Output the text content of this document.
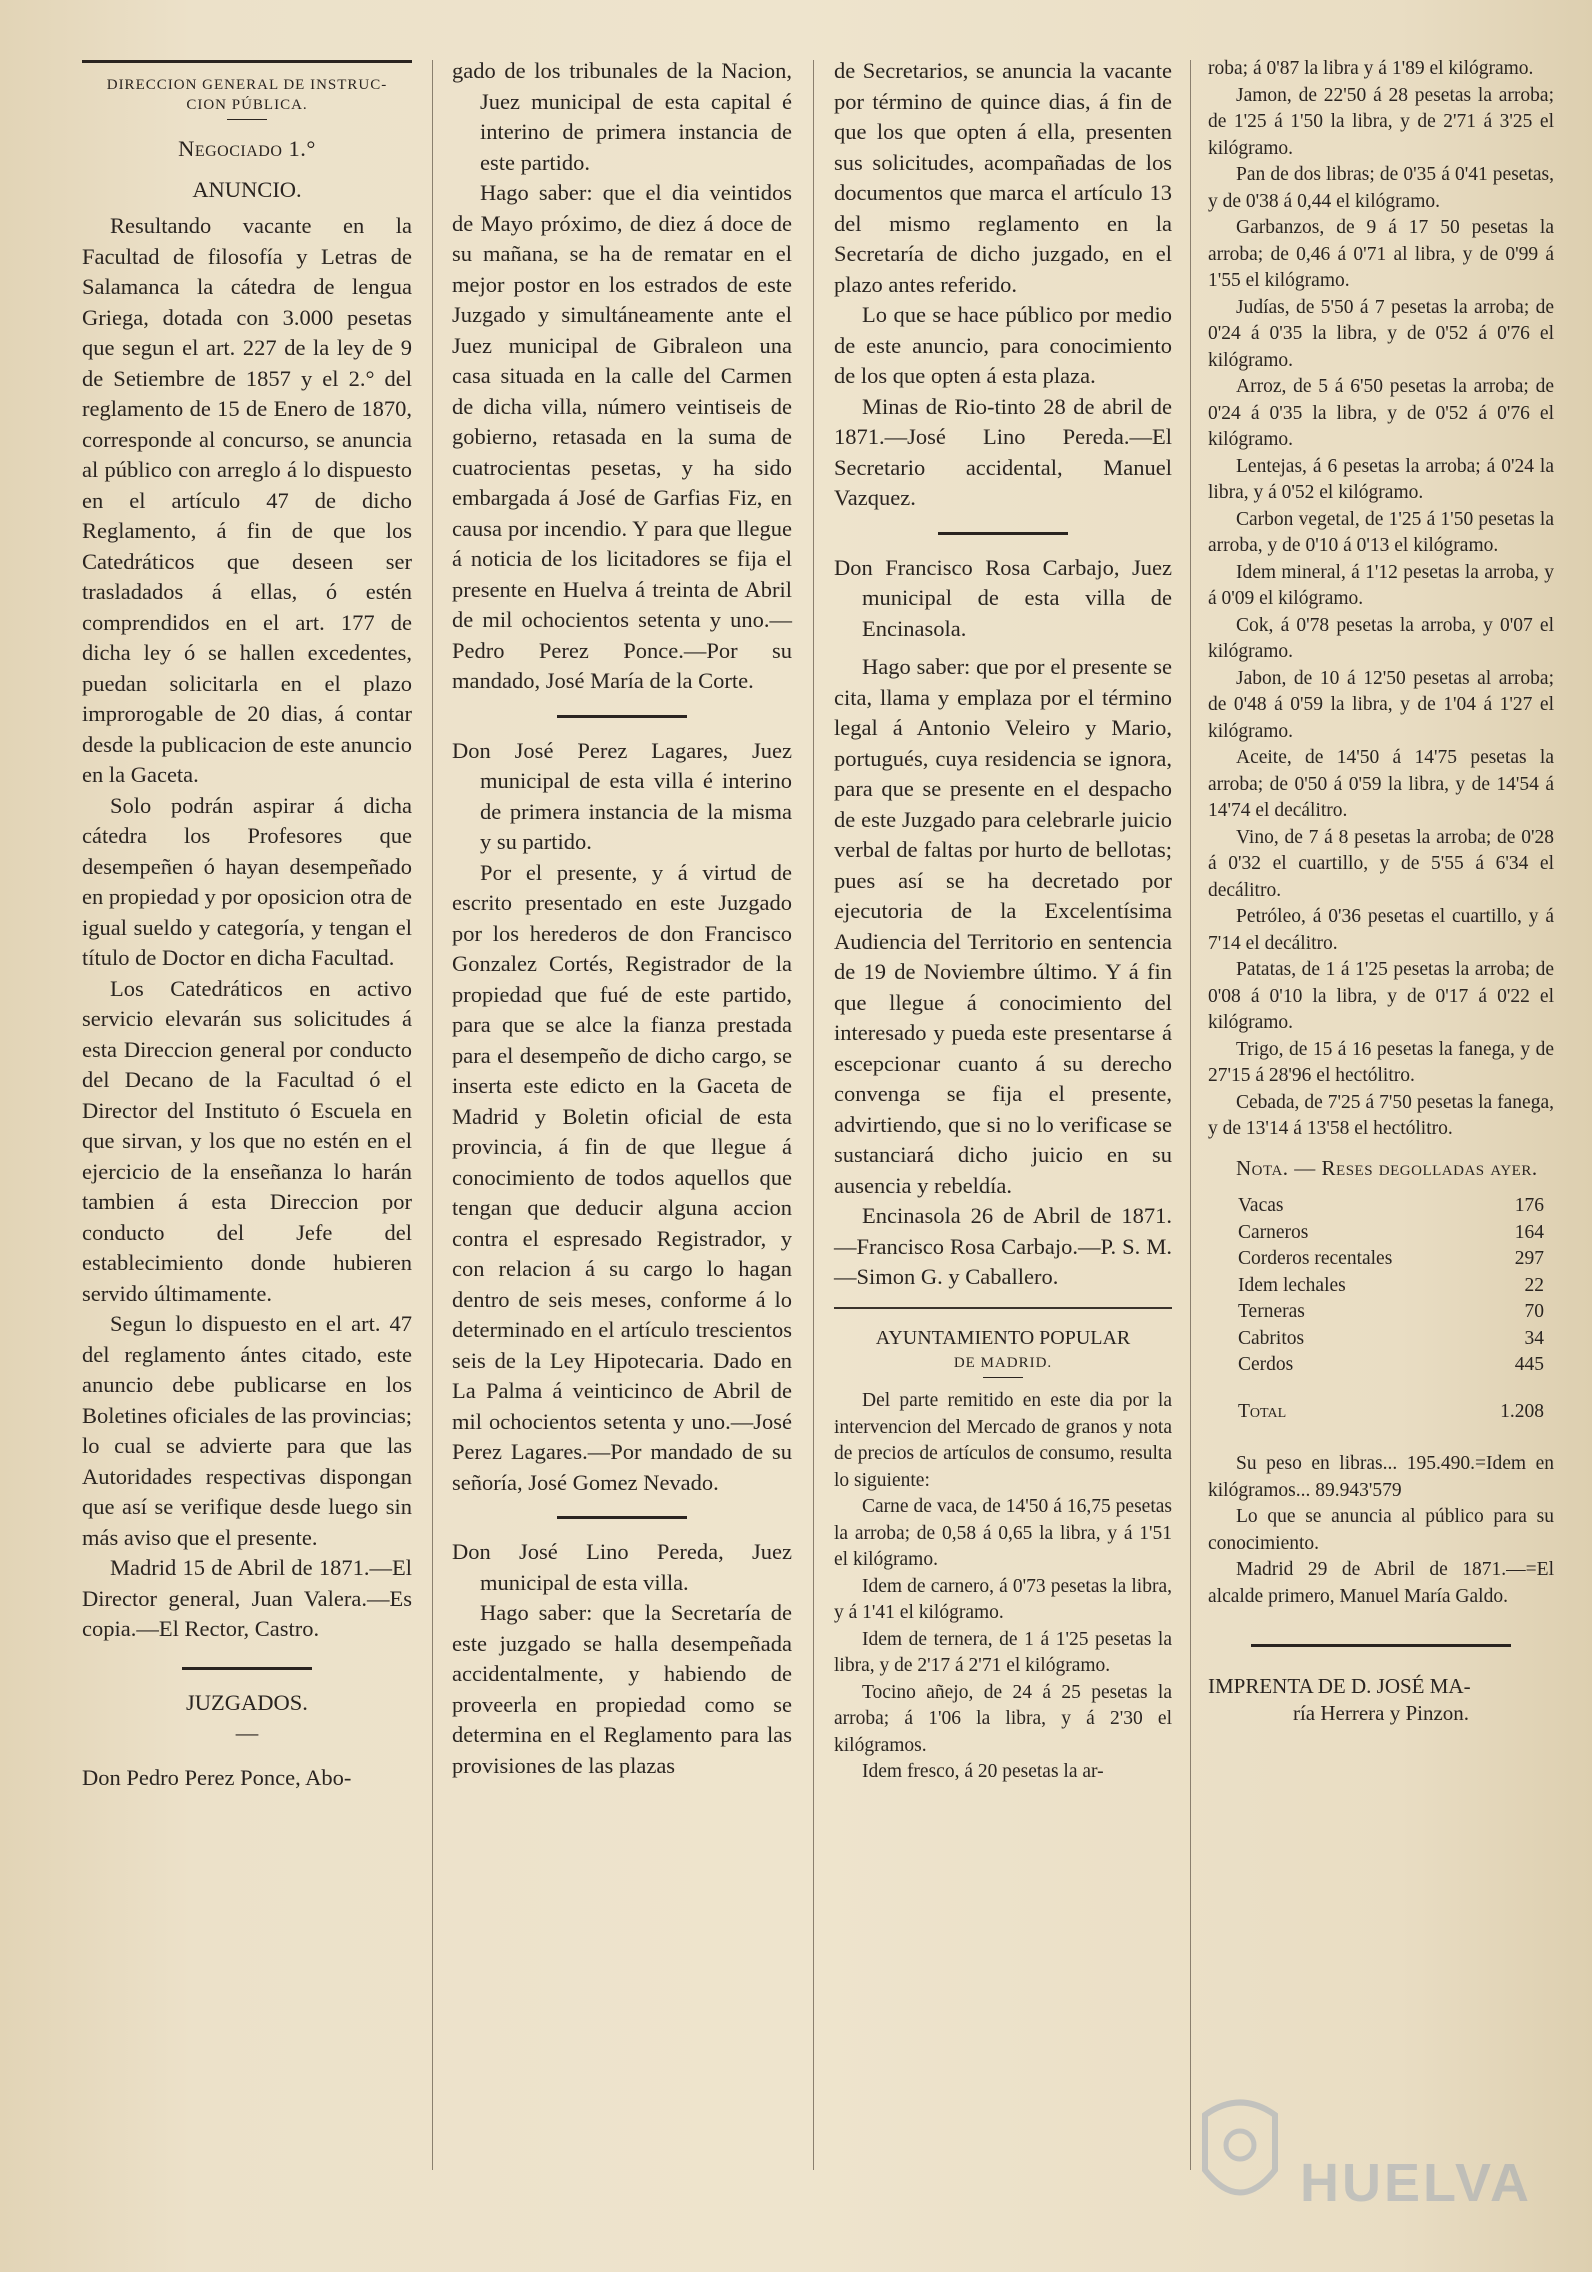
DIRECCION GENERAL DE INSTRUC-

CION PÚBLICA.

Negociado 1.°

ANUNCIO.

Resultando vacante en la Facultad de filosofía y Letras de Salamanca la cátedra de lengua Griega, dotada con 3.000 pesetas que segun el art. 227 de la ley de 9 de Setiembre de 1857 y el 2.° del reglamento de 15 de Enero de 1870, corresponde al concurso, se anuncia al público con arreglo á lo dispuesto en el artículo 47 de dicho Reglamento, á fin de que los Catedráticos que deseen ser trasladados á ellas, ó estén comprendidos en el art. 177 de dicha ley ó se hallen excedentes, puedan solicitarla en el plazo improrogable de 20 dias, á contar desde la publicacion de este anuncio en la Gaceta.

Solo podrán aspirar á dicha cátedra los Profesores que desempeñen ó hayan desempeñado en propiedad y por oposicion otra de igual sueldo y categoría, y tengan el título de Doctor en dicha Facultad.

Los Catedráticos en activo servicio elevarán sus solicitudes á esta Direccion general por conducto del Decano de la Facultad ó el Director del Instituto ó Escuela en que sirvan, y los que no estén en el ejercicio de la enseñanza lo harán tambien á esta Direccion por conducto del Jefe del establecimiento donde hubieren servido últimamente.

Segun lo dispuesto en el art. 47 del reglamento ántes citado, este anuncio debe publicarse en los Boletines oficiales de las provincias; lo cual se advierte para que las Autoridades respectivas dispongan que así se verifique desde luego sin más aviso que el presente.

Madrid 15 de Abril de 1871.—El Director general, Juan Valera.—Es copia.—El Rector, Castro.

JUZGADOS.

—

Don Pedro Perez Ponce, Abo-

gado de los tribunales de la Nacion, Juez municipal de esta capital é interino de primera instancia de este partido.

Hago saber: que el dia veintidos de Mayo próximo, de diez á doce de su mañana, se ha de rematar en el mejor postor en los estrados de este Juzgado y simultáneamente ante el Juez municipal de Gibraleon una casa situada en la calle del Carmen de dicha villa, número veintiseis de gobierno, retasada en la suma de cuatrocientas pesetas, y ha sido embargada á José de Garfias Fiz, en causa por incendio. Y para que llegue á noticia de los licitadores se fija el presente en Huelva á treinta de Abril de mil ochocientos setenta y uno.—Pedro Perez Ponce.—Por su mandado, José María de la Corte.

Don José Perez Lagares, Juez municipal de esta villa é interino de primera instancia de la misma y su partido.

Por el presente, y á virtud de escrito presentado en este Juzgado por los herederos de don Francisco Gonzalez Cortés, Registrador de la propiedad que fué de este partido, para que se alce la fianza prestada para el desempeño de dicho cargo, se inserta este edicto en la Gaceta de Madrid y Boletin oficial de esta provincia, á fin de que llegue á conocimiento de todos aquellos que tengan que deducir alguna accion contra el espresado Registrador, y con relacion á su cargo lo hagan dentro de seis meses, conforme á lo determinado en el artículo trescientos seis de la Ley Hipotecaria. Dado en La Palma á veinticinco de Abril de mil ochocientos setenta y uno.—José Perez Lagares.—Por mandado de su señoría, José Gomez Nevado.

Don José Lino Pereda, Juez municipal de esta villa.

Hago saber: que la Secretaría de este juzgado se halla desempeñada accidentalmente, y habiendo de proveerla en propiedad como se determina en el Reglamento para las provisiones de las plazas

de Secretarios, se anuncia la vacante por término de quince dias, á fin de que los que opten á ella, presenten sus solicitudes, acompañadas de los documentos que marca el artículo 13 del mismo reglamento en la Secretaría de dicho juzgado, en el plazo antes referido.

Lo que se hace público por medio de este anuncio, para conocimiento de los que opten á esta plaza.

Minas de Rio-tinto 28 de abril de 1871.—José Lino Pereda.—El Secretario accidental, Manuel Vazquez.

Don Francisco Rosa Carbajo, Juez municipal de esta villa de Encinasola.

Hago saber: que por el presente se cita, llama y emplaza por el término legal á Antonio Veleiro y Mario, portugués, cuya residencia se ignora, para que se presente en el despacho de este Juzgado para celebrarle juicio verbal de faltas por hurto de bellotas; pues así se ha decretado por ejecutoria de la Excelentísima Audiencia del Territorio en sentencia de 19 de Noviembre último. Y á fin que llegue á conocimiento del interesado y pueda este presentarse á escepcionar cuanto á su derecho convenga se fija el presente, advirtiendo, que si no lo verificase se sustanciará dicho juicio en su ausencia y rebeldía.

Encinasola 26 de Abril de 1871.—Francisco Rosa Carbajo.—P. S. M.—Simon G. y Caballero.

AYUNTAMIENTO POPULAR

DE MADRID.

Del parte remitido en este dia por la intervencion del Mercado de granos y nota de precios de artículos de consumo, resulta lo siguiente:

Carne de vaca, de 14'50 á 16,75 pesetas la arroba; de 0,58 á 0,65 la libra, y á 1'51 el kilógramo.

Idem de carnero, á 0'73 pesetas la libra, y á 1'41 el kilógramo.

Idem de ternera, de 1 á 1'25 pesetas la libra, y de 2'17 á 2'71 el kilógramo.

Tocino añejo, de 24 á 25 pesetas la arroba; á 1'06 la libra, y á 2'30 el kilógramos.

Idem fresco, á 20 pesetas la ar-

roba; á 0'87 la libra y á 1'89 el kilógramo.

Jamon, de 22'50 á 28 pesetas la arroba; de 1'25 á 1'50 la libra, y de 2'71 á 3'25 el kilógramo.

Pan de dos libras; de 0'35 á 0'41 pesetas, y de 0'38 á 0,44 el kilógramo.

Garbanzos, de 9 á 17 50 pesetas la arroba; de 0,46 á 0'71 al libra, y de 0'99 á 1'55 el kilógramo.

Judías, de 5'50 á 7 pesetas la arroba; de 0'24 á 0'35 la libra, y de 0'52 á 0'76 el kilógramo.

Arroz, de 5 á 6'50 pesetas la arroba; de 0'24 á 0'35 la libra, y de 0'52 á 0'76 el kilógramo.

Lentejas, á 6 pesetas la arroba; á 0'24 la libra, y á 0'52 el kilógramo.

Carbon vegetal, de 1'25 á 1'50 pesetas la arroba, y de 0'10 á 0'13 el kilógramo.

Idem mineral, á 1'12 pesetas la arroba, y á 0'09 el kilógramo.

Cok, á 0'78 pesetas la arroba, y 0'07 el kilógramo.

Jabon, de 10 á 12'50 pesetas al arroba; de 0'48 á 0'59 la libra, y de 1'04 á 1'27 el kilógramo.

Aceite, de 14'50 á 14'75 pesetas la arroba; de 0'50 á 0'59 la libra, y de 14'54 á 14'74 el decálitro.

Vino, de 7 á 8 pesetas la arroba; de 0'28 á 0'32 el cuartillo, y de 5'55 á 6'34 el decálitro.

Petróleo, á 0'36 pesetas el cuartillo, y á 7'14 el decálitro.

Patatas, de 1 á 1'25 pesetas la arroba; de 0'08 á 0'10 la libra, y de 0'17 á 0'22 el kilógramo.

Trigo, de 15 á 16 pesetas la fanega, y de 27'15 á 28'96 el hectólitro.

Cebada, de 7'25 á 7'50 pesetas la fanega, y de 13'14 á 13'58 el hectólitro.

Nota. — Reses degolladas ayer.

Vacas	176
Carneros	164
Corderos recentales	297
Idem lechales	22
Terneras	70
Cabritos	34
Cerdos	445
Total	1.208

Su peso en libras... 195.490.=Idem en kilógramos... 89.943'579

Lo que se anuncia al público para su conocimiento.

Madrid 29 de Abril de 1871.—=El alcalde primero, Manuel María Galdo.

IMPRENTA DE D. JOSÉ MA-

ría Herrera y Pinzon.

HUELVA
